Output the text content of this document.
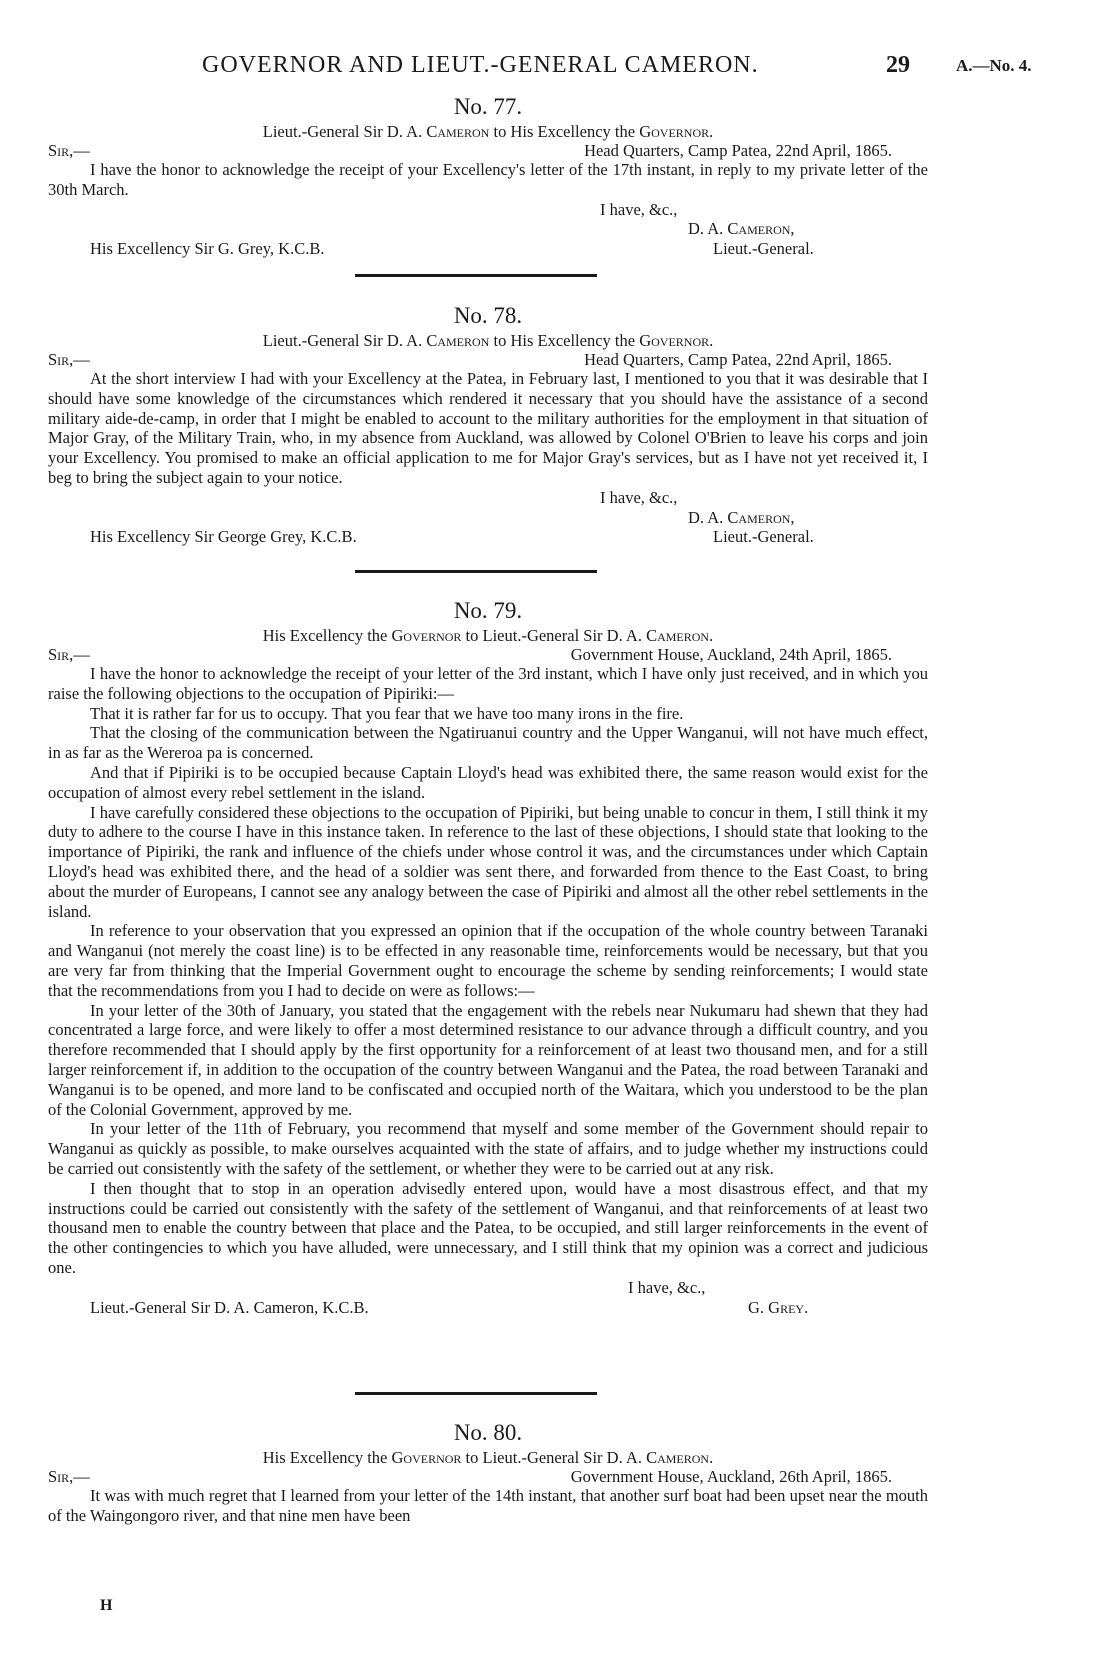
GOVERNOR AND LIEUT.-GENERAL CAMERON.	29	A.—No. 4.
No. 77.
Lieut.-General Sir D. A. Cameron to His Excellency the Governor.
Sir,—	Head Quarters, Camp Patea, 22nd April, 1865.

I have the honor to acknowledge the receipt of your Excellency's letter of the 17th instant, in reply to my private letter of the 30th March.

I have, &c.,
D. A. Cameron,
His Excellency Sir G. Grey, K.C.B.	Lieut.-General.
No. 78.
Lieut.-General Sir D. A. Cameron to His Excellency the Governor.
Sir,—	Head Quarters, Camp Patea, 22nd April, 1865.

At the short interview I had with your Excellency at the Patea, in February last, I mentioned to you that it was desirable that I should have some knowledge of the circumstances which rendered it necessary that you should have the assistance of a second military aide-de-camp, in order that I might be enabled to account to the military authorities for the employment in that situation of Major Gray, of the Military Train, who, in my absence from Auckland, was allowed by Colonel O'Brien to leave his corps and join your Excellency. You promised to make an official application to me for Major Gray's services, but as I have not yet received it, I beg to bring the subject again to your notice.

I have, &c.,
D. A. Cameron,
His Excellency Sir George Grey, K.C.B.	Lieut.-General.
No. 79.
His Excellency the Governor to Lieut.-General Sir D. A. Cameron.
Sir,—	Government House, Auckland, 24th April, 1865.

I have the honor to acknowledge the receipt of your letter of the 3rd instant, which I have only just received, and in which you raise the following objections to the occupation of Pipiriki:—

That it is rather far for us to occupy. That you fear that we have too many irons in the fire.

That the closing of the communication between the Ngatiruanui country and the Upper Wanganui, will not have much effect, in as far as the Wereroa pa is concerned.

And that if Pipiriki is to be occupied because Captain Lloyd's head was exhibited there, the same reason would exist for the occupation of almost every rebel settlement in the island.

I have carefully considered these objections to the occupation of Pipiriki, but being unable to concur in them, I still think it my duty to adhere to the course I have in this instance taken. In reference to the last of these objections, I should state that looking to the importance of Pipiriki, the rank and influence of the chiefs under whose control it was, and the circumstances under which Captain Lloyd's head was exhibited there, and the head of a soldier was sent there, and forwarded from thence to the East Coast, to bring about the murder of Europeans, I cannot see any analogy between the case of Pipiriki and almost all the other rebel settlements in the island.

In reference to your observation that you expressed an opinion that if the occupation of the whole country between Taranaki and Wanganui (not merely the coast line) is to be effected in any reasonable time, reinforcements would be necessary, but that you are very far from thinking that the Imperial Government ought to encourage the scheme by sending reinforcements; I would state that the recommendations from you I had to decide on were as follows:—

In your letter of the 30th of January, you stated that the engagement with the rebels near Nukumaru had shewn that they had concentrated a large force, and were likely to offer a most determined resistance to our advance through a difficult country, and you therefore recommended that I should apply by the first opportunity for a reinforcement of at least two thousand men, and for a still larger reinforcement if, in addition to the occupation of the country between Wanganui and the Patea, the road between Taranaki and Wanganui is to be opened, and more land to be confiscated and occupied north of the Waitara, which you understood to be the plan of the Colonial Government, approved by me.

In your letter of the 11th of February, you recommend that myself and some member of the Government should repair to Wanganui as quickly as possible, to make ourselves acquainted with the state of affairs, and to judge whether my instructions could be carried out consistently with the safety of the settlement, or whether they were to be carried out at any risk.

I then thought that to stop in an operation advisedly entered upon, would have a most disastrous effect, and that my instructions could be carried out consistently with the safety of the settlement of Wanganui, and that reinforcements of at least two thousand men to enable the country between that place and the Patea, to be occupied, and still larger reinforcements in the event of the other contingencies to which you have alluded, were unnecessary, and I still think that my opinion was a correct and judicious one.

I have, &c.,
Lieut.-General Sir D. A. Cameron, K.C.B.	G. Grey.
No. 80.
His Excellency the Governor to Lieut.-General Sir D. A. Cameron.
Sir,—	Government House, Auckland, 26th April, 1865.

It was with much regret that I learned from your letter of the 14th instant, that another surf boat had been upset near the mouth of the Waingongoro river, and that nine men have been

H
